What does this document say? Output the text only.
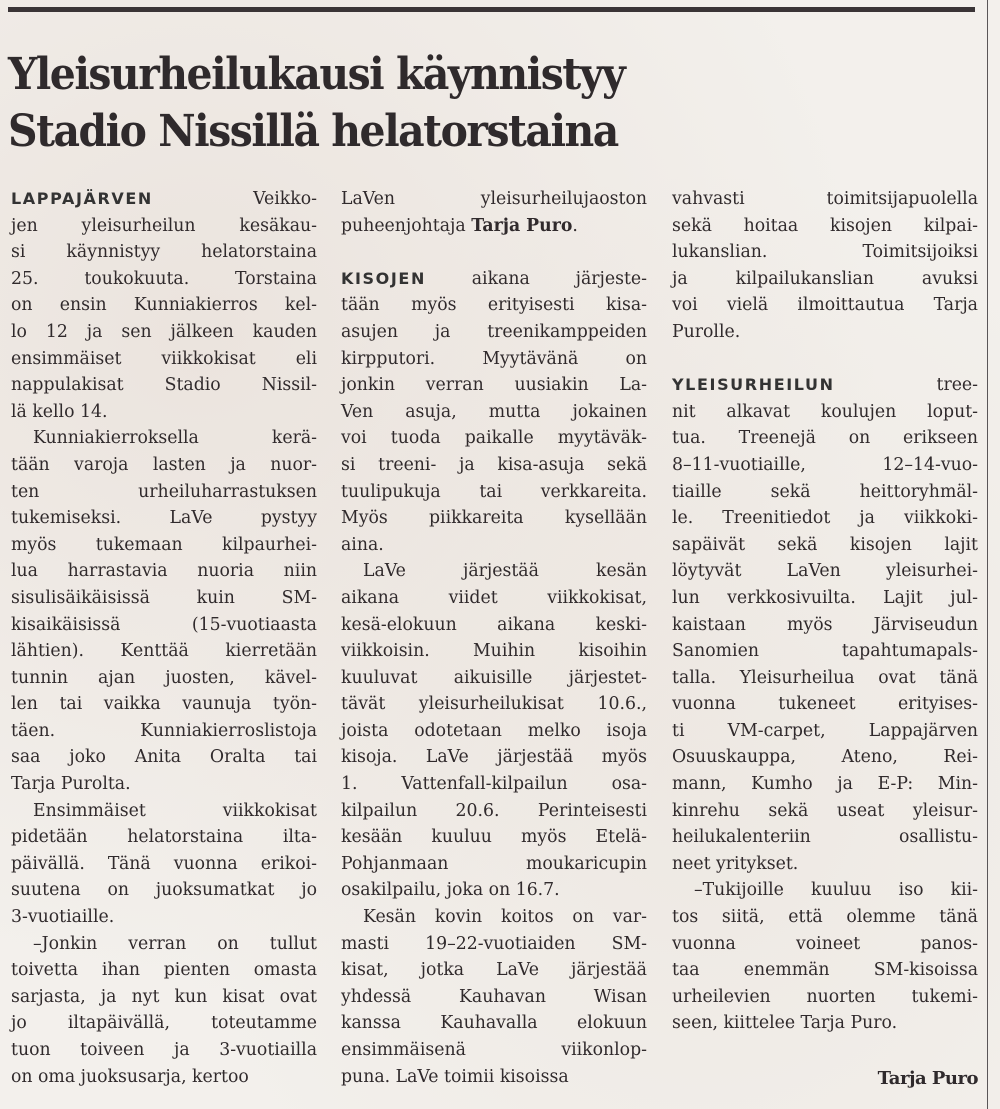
Yleisurheilukausi käynnistyy
Stadio Nissillä helatorstaina

LAPPAJÄRVEN Veikko-
jen yleisurheilun kesäkau-
si käynnistyy helatorstaina
25. toukokuuta. Torstaina
on ensin Kunniakierros kel-
lo 12 ja sen jälkeen kauden
ensimmäiset viikkokisat eli
nappulakisat Stadio Nissil-
lä kello 14.

Kunniakierroksella kerä-
tään varoja lasten ja nuor-
ten urheiluharrastuksen
tukemiseksi. LaVe pystyy
myös tukemaan kilpaurhei-
lua harrastavia nuoria niin
sisulisäikäisissä kuin SM-
kisaikäisissä (15-vuotiaasta
lähtien). Kenttää kierretään
tunnin ajan juosten, kävel-
len tai vaikka vaunuja työn-
täen. Kunniakierroslistoja
saa joko Anita Oralta tai
Tarja Purolta.

Ensimmäiset viikkokisat
pidetään helatorstaina ilta-
päivällä. Tänä vuonna erikoi-
suutena on juoksumatkat jo
3-vuotiaille.

–Jonkin verran on tullut
toivetta ihan pienten omasta
sarjasta, ja nyt kun kisat ovat
jo iltapäivällä, toteutamme
tuon toiveen ja 3-vuotiailla
on oma juoksusarja, kertoo

LaVen yleisurheilujaoston
puheenjohtaja Tarja Puro.

KISOJEN aikana järjeste-
tään myös erityisesti kisa-
asujen ja treenikamppeiden
kirpputori. Myytävänä on
jonkin verran uusiakin La-
Ven asuja, mutta jokainen
voi tuoda paikalle myytäväk-
si treeni- ja kisa-asuja sekä
tuulipukuja tai verkkareita.
Myös piikkareita kysellään
aina.

LaVe järjestää kesän
aikana viidet viikkokisat,
kesä-elokuun aikana keski-
viikkoisin. Muihin kisoihin
kuuluvat aikuisille järjestet-
tävät yleisurheilukisat 10.6.,
joista odotetaan melko isoja
kisoja. LaVe järjestää myös
1. Vattenfall-kilpailun osa-
kilpailun 20.6. Perinteisesti
kesään kuuluu myös Etelä-
Pohjanmaan moukaricupin
osakilpailu, joka on 16.7.

Kesän kovin koitos on var-
masti 19–22-vuotiaiden SM-
kisat, jotka LaVe järjestää
yhdessä Kauhavan Wisan
kanssa Kauhavalla elokuun
ensimmäisenä viikonlop-
puna. LaVe toimii kisoissa

vahvasti toimitsijapuolella
sekä hoitaa kisojen kilpai-
lukanslian. Toimitsijoiksi
ja kilpailukanslian avuksi
voi vielä ilmoittautua Tarja
Purolle.

YLEISURHEILUN tree-
nit alkavat koulujen loput-
tua. Treenejä on erikseen
8–11-vuotiaille, 12–14-vuo-
tiaille sekä heittoryhmäl-
le. Treenitiedot ja viikkoki-
sapäivät sekä kisojen lajit
löytyvät LaVen yleisurhei-
lun verkkosivuilta. Lajit jul-
kaistaan myös Järviseudun
Sanomien tapahtumapals-
talla. Yleisurheilua ovat tänä
vuonna tukeneet erityises-
ti VM-carpet, Lappajärven
Osuuskauppa, Ateno, Rei-
mann, Kumho ja E-P: Min-
kinrehu sekä useat yleisur-
heilukalenteriin osallistu-
neet yritykset.

–Tukijoille kuuluu iso kii-
tos siitä, että olemme tänä
vuonna voineet panos-
taa enemmän SM-kisoissa
urheilevien nuorten tukemi-
seen, kiittelee Tarja Puro.

Tarja Puro
